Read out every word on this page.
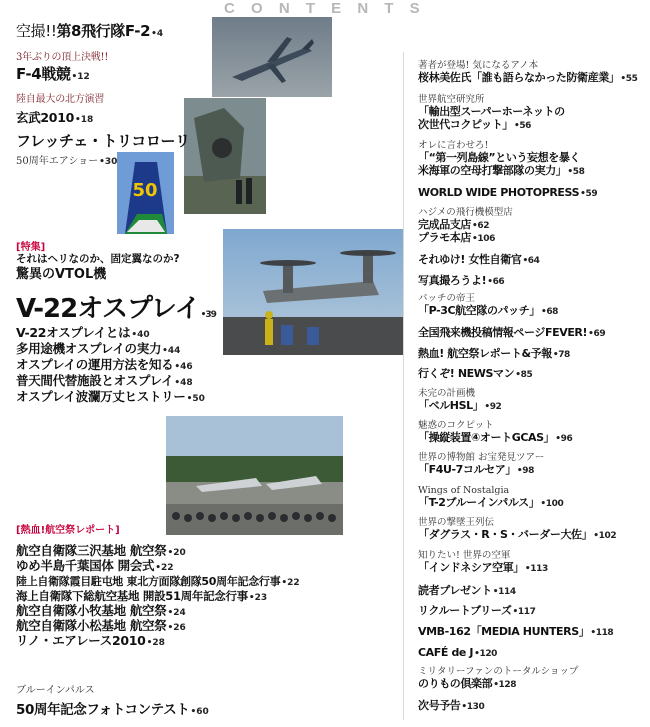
C O N T E N T S
50
空撮!!第8飛行隊F-2•4
3年ぶりの頂上決戦!!
F-4戦競•12
陸自最大の北方演習
玄武2010•18
フレッチェ・トリコローリ
50周年エアショー•30
[特集]
それはヘリなのか、固定翼なのか?
驚異のVTOL機
V-22オスプレイ•39
V-22オスプレイとは•40
多用途機オスプレイの実力•44
オスプレイの運用方法を知る•46
普天間代替施設とオスプレイ•48
オスプレイ波瀾万丈ヒストリー•50
[熱血!航空祭レポート]
航空自衛隊三沢基地 航空祭•20
ゆめ半島千葉国体 開会式•22
陸上自衛隊霞目駐屯地 東北方面隊創隊50周年記念行事•22
海上自衛隊下総航空基地 開設51周年記念行事•23
航空自衛隊小牧基地 航空祭•24
航空自衛隊小松基地 航空祭•26
リノ・エアレース2010•28
ブルーインパルス
50周年記念フォトコンテスト•60
著者が登場! 気になるアノ本
桜林美佐氏「誰も語らなかった防衛産業」•55
世界航空研究所
「輸出型スーパーホーネットの
次世代コクピット」•56
オレに言わせろ!
「“第一列島線”という妄想を暴く
米海軍の空母打撃部隊の実力」•58
WORLD WIDE PHOTOPRESS•59
ハジメの飛行機模型店
完成品支店•62
プラモ本店•106
それゆけ! 女性自衛官•64
写真撮ろうよ!•66
パッチの帝王
「P-3C航空隊のパッチ」•68
全国飛来機投稿情報ページFEVER!•69
熱血! 航空祭レポート&予報•78
行くぞ! NEWSマン•85
未完の計画機
「ベルHSL」•92
魅惑のコクピット
「操縦装置④オートGCAS」•96
世界の博物館 お宝発見ツアー
「F4U-7コルセア」•98
Wings of Nostalgia
「T-2ブルーインパルス」•100
世界の撃墜王列伝
「ダグラス・R・S・バーダー大佐」•102
知りたい! 世界の空軍
「インドネシア空軍」•113
読者プレゼント•114
リクルートブリーズ•117
VMB-162「MEDIA HUNTERS」•118
CAFÉ de J•120
ミリタリーファンのトータルショップ
のりもの倶楽部•128
次号予告•130
